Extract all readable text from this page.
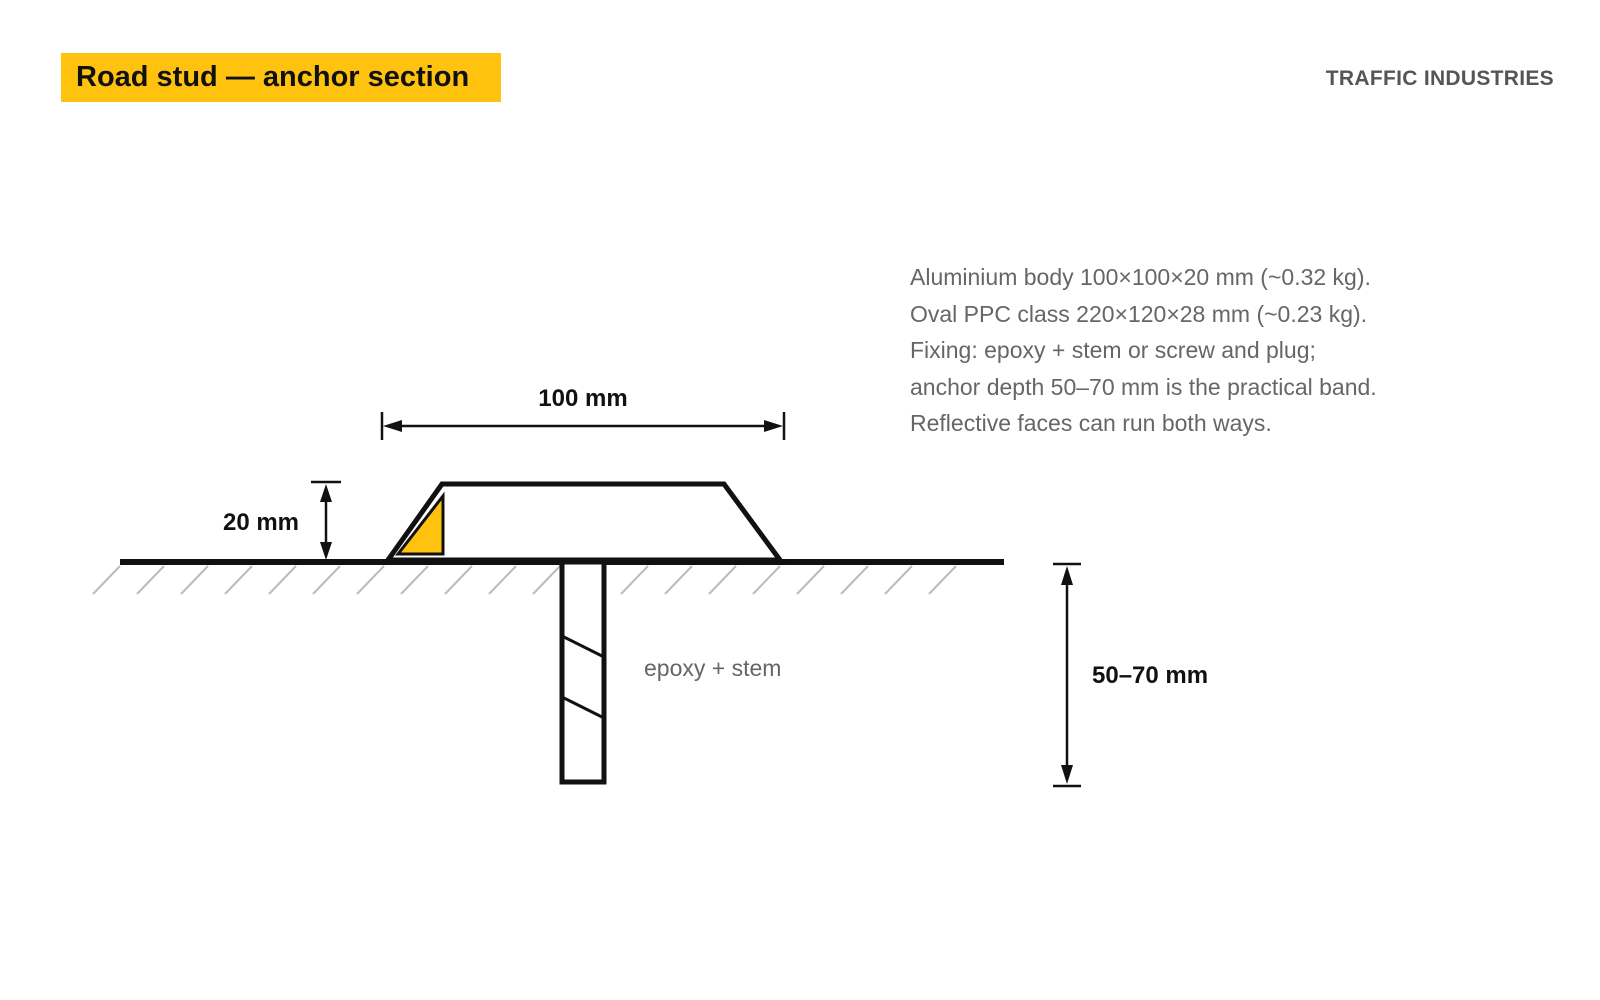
Road stud — anchor section	TRAFFIC INDUSTRIES
Aluminium body 100×100×20 mm (~0.32 kg).
Oval PPC class 220×120×28 mm (~0.23 kg).
Fixing: epoxy + stem or screw and plug;
anchor depth 50–70 mm is the practical band.
Reflective faces can run both ways.
100 mm
20 mm
50–70 mm
epoxy + stem
